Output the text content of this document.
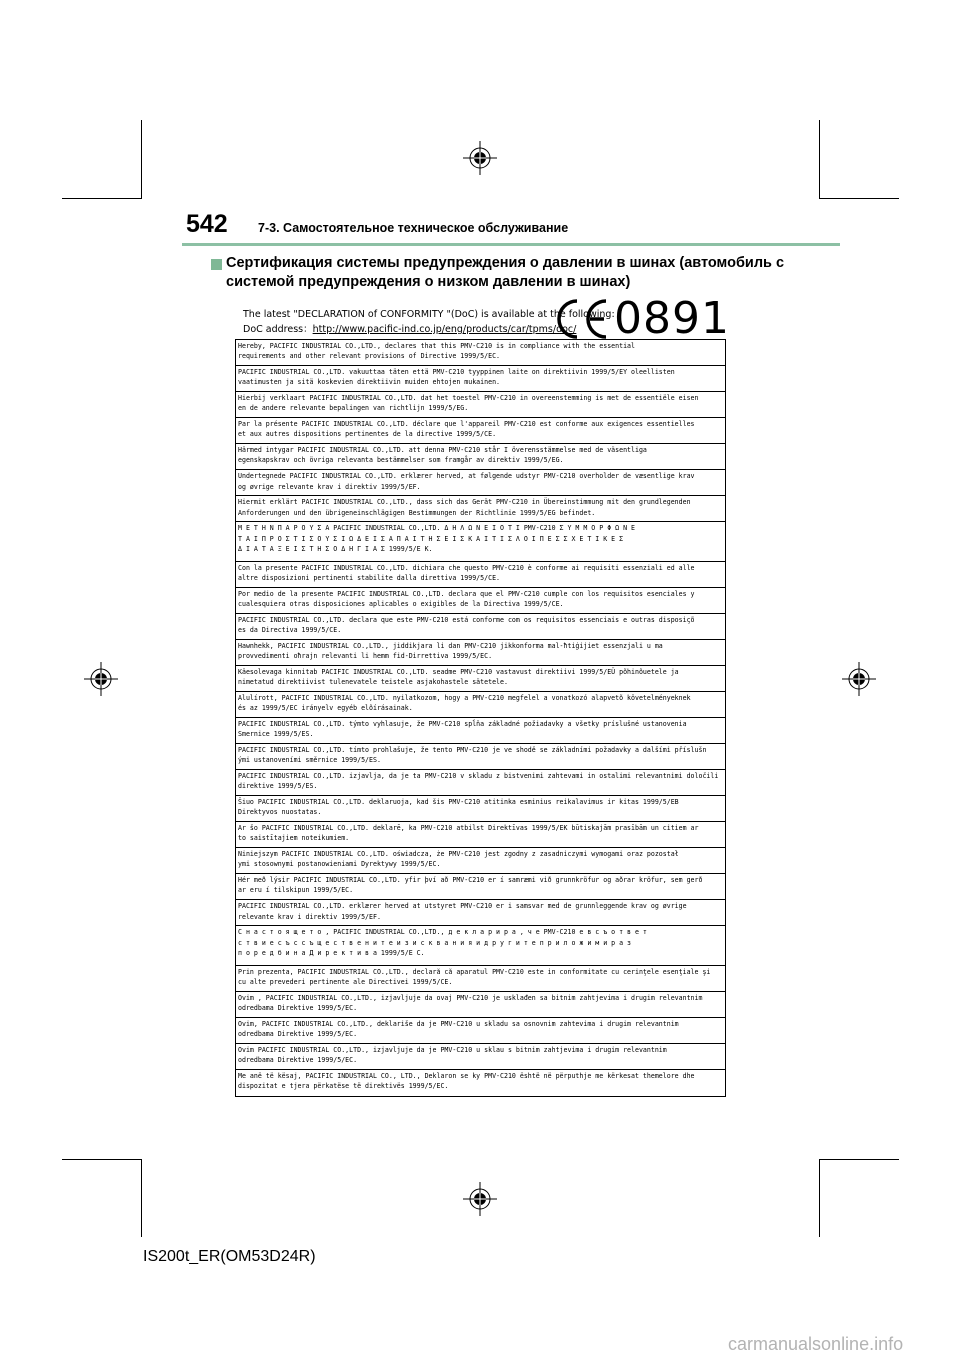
542 7-3. Самостоятельное техническое обслуживание
Сертификация системы предупреждения о давлении в шинах (автомобиль с
системой предупреждения о низком давлении в шинах)
The latest "DECLARATION of CONFORMITY "(DoC) is available at the following:
DoC address：http://www.pacific-ind.co.jp/eng/products/car/tpms/doc/ 0891
Hereby, PACIFIC INDUSTRIAL CO.,LTD., declares that this PMV-C210 is in compliance with the essential
requirements and other relevant provisions of Directive 1999/5/EC.
PACIFIC INDUSTRIAL CO.,LTD. vakuuttaa täten että PMV-C210 tyyppinen laite on direktiivin 1999/5/EY oleellisten
vaatimusten ja sitä koskevien direktiivin muiden ehtojen mukainen.
Hierbij verklaart PACIFIC INDUSTRIAL CO.,LTD. dat het toestel PMV-C210 in overeenstemming is met de essentiële eisen
en de andere relevante bepalingen van richtlijn 1999/5/EG.
Par la présente PACIFIC INDUSTRIAL CO.,LTD. déclare que l'appareil PMV-C210 est conforme aux exigences essentielles
et aux autres dispositions pertinentes de la directive 1999/5/CE.
Härmed intygar PACIFIC INDUSTRIAL CO.,LTD. att denna PMV-C210 står I överensstämmelse med de väsentliga
egenskapskrav och övriga relevanta bestämmelser som framgår av direktiv 1999/5/EG.
Undertegnede PACIFIC INDUSTRIAL CO.,LTD. erklærer herved, at følgende udstyr PMV-C210 overholder de væsentlige krav
og øvrige relevante krav i direktiv 1999/5/EF.
Hiermit erklärt PACIFIC INDUSTRIAL CO.,LTD., dass sich das Gerät PMV-C210 in Übereinstimmung mit den grundlegenden
Anforderungen und den übrigeneinschlägigen Bestimmungen der Richtlinie 1999/5/EG befindet.
Μ Ε Τ Η Ν Π Α Ρ Ο Υ Σ Α PACIFIC INDUSTRIAL CO.,LTD. Δ Η Λ Ω Ν Ε Ι Ο Τ Ι PMV-C210 Σ Υ Μ Μ Ο Ρ Φ Ω Ν Ε
Τ Α Ι Π Ρ Ο Σ Τ Ι Σ Ο Υ Σ Ι Ω Δ Ε Ι Σ Α Π Α Ι Τ Η Σ Ε Ι Σ Κ Α Ι Τ Ι Σ Λ Ο Ι Π Ε Σ Σ Χ Ε Τ Ι Κ Ε Σ
Δ Ι Α Τ Α Ξ Ε Ι Σ Τ Η Σ Ο Δ Η Γ Ι Α Σ 1999/5/Ε Κ.
Con la presente PACIFIC INDUSTRIAL CO.,LTD. dichiara che questo PMV-C210 è conforme ai requisiti essenziali ed alle
altre disposizioni pertinenti stabilite dalla direttiva 1999/5/CE.
Por medio de la presente PACIFIC INDUSTRIAL CO.,LTD. declara que el PMV-C210 cumple con los requisitos esenciales y
cualesquiera otras disposiciones aplicables o exigibles de la Directiva 1999/5/CE.
PACIFIC INDUSTRIAL CO.,LTD. declara que este PMV-C210 está conforme com os requisitos essenciais e outras disposiçõ
es da Directiva 1999/5/CE.
Hawnhekk, PACIFIC INDUSTRIAL CO.,LTD., jiddikjara li dan PMV-C210 jikkonforma mal-ħtiġijiet essenzjali u ma
provvedimenti oħrajn relevanti li hemm fid-Dirrettiva 1999/5/EC.
Käesolevaga kinnitab PACIFIC INDUSTRIAL CO.,LTD. seadme PMV-C210 vastavust direktiivi 1999/5/EÜ põhinõuetele ja
nimetatud direktiivist tulenevatele teistele asjakohastele sätetele.
Alulírott, PACIFIC INDUSTRIAL CO.,LTD. nyilatkozom, hogy a PMV-C210 megfelel a vonatkozó alapvetõ követelményeknek
és az 1999/5/EC irányelv egyéb elõírásainak.
PACIFIC INDUSTRIAL CO.,LTD. týmto vyhlasuje, že PMV-C210 spĺňa základné požiadavky a všetky príslušné ustanovenia
Smernice 1999/5/ES.
PACIFIC INDUSTRIAL CO.,LTD. tímto prohlašuje, že tento PMV-C210 je ve shodě se základními požadavky a dalšími příslušn
ými ustanoveními směrnice 1999/5/ES.
PACIFIC INDUSTRIAL CO.,LTD. izjavlja, da je ta PMV-C210 v skladu z bistvenimi zahtevami in ostalimi relevantnimi določili
direktive 1999/5/ES.
Šiuo PACIFIC INDUSTRIAL CO.,LTD. deklaruoja, kad šis PMV-C210 atitinka esminius reikalavimus ir kitas 1999/5/EB
Direktyvos nuostatas.
Ar šo PACIFIC INDUSTRIAL CO.,LTD. deklarē, ka PMV-C210 atbilst Direktīvas 1999/5/EK būtiskajām prasībām un citiem ar
to saistītajiem noteikumiem.
Niniejszym PACIFIC INDUSTRIAL CO.,LTD. oświadcza, że PMV-C210 jest zgodny z zasadniczymi wymogami oraz pozostał
ymi stosownymi postanowieniami Dyrektywy 1999/5/EC.
Hér með lýsir PACIFIC INDUSTRIAL CO.,LTD. yfir því að PMV-C210 er í samræmi við grunnkröfur og aðrar kröfur, sem gerð
ar eru í tilskipun 1999/5/EC.
PACIFIC INDUSTRIAL CO.,LTD. erklærer herved at utstyret PMV-C210 er i samsvar med de grunnleggende krav og øvrige
relevante krav i direktiv 1999/5/EF.
С н а с т о я щ е т о , PACIFIC INDUSTRIAL CO.,LTD., д е к л а р и р а , ч е PMV-C210 е в с ъ о т в е т
с т в и е с ъ с с ъ щ е с т в е н и т е и з и с к в а н и я и д р у г и т е п р и л о ж и м и р а з
п о р е д б и н а Д и р е к т и в а 1999/5/Е С.
Prin prezenta, PACIFIC INDUSTRIAL CO.,LTD., declară că aparatul PMV-C210 este in conformitate cu cerinţele esenţiale şi
cu alte prevederi pertinente ale Directivei 1999/5/CE.
Ovim , PACIFIC INDUSTRIAL CO.,LTD., izjavljuje da ovaj PMV-C210 je usklađen sa bitnim zahtjevima i drugim relevantnim
odredbama Direktive 1999/5/EC.
Ovim, PACIFIC INDUSTRIAL CO.,LTD., deklariše da je PMV-C210 u skladu sa osnovnim zahtevima i drugim relevantnim
odredbama Direktive 1999/5/EC.
Ovim PACIFIC INDUSTRIAL CO.,LTD., izjavljuje da je PMV-C210 u sklau s bitnim zahtjevima i drugim relevantnim
odredbama Direktive 1999/5/EC.
Me anë të kësaj, PACIFIC INDUSTRIAL CO., LTD., Deklaron se ky PMV-C210 është në përputhje me kërkesat themelore dhe
dispozitat e tjera përkatëse të direktivës 1999/5/EC.
IS200t_ER(OM53D24R)
carmanualsonline.info
